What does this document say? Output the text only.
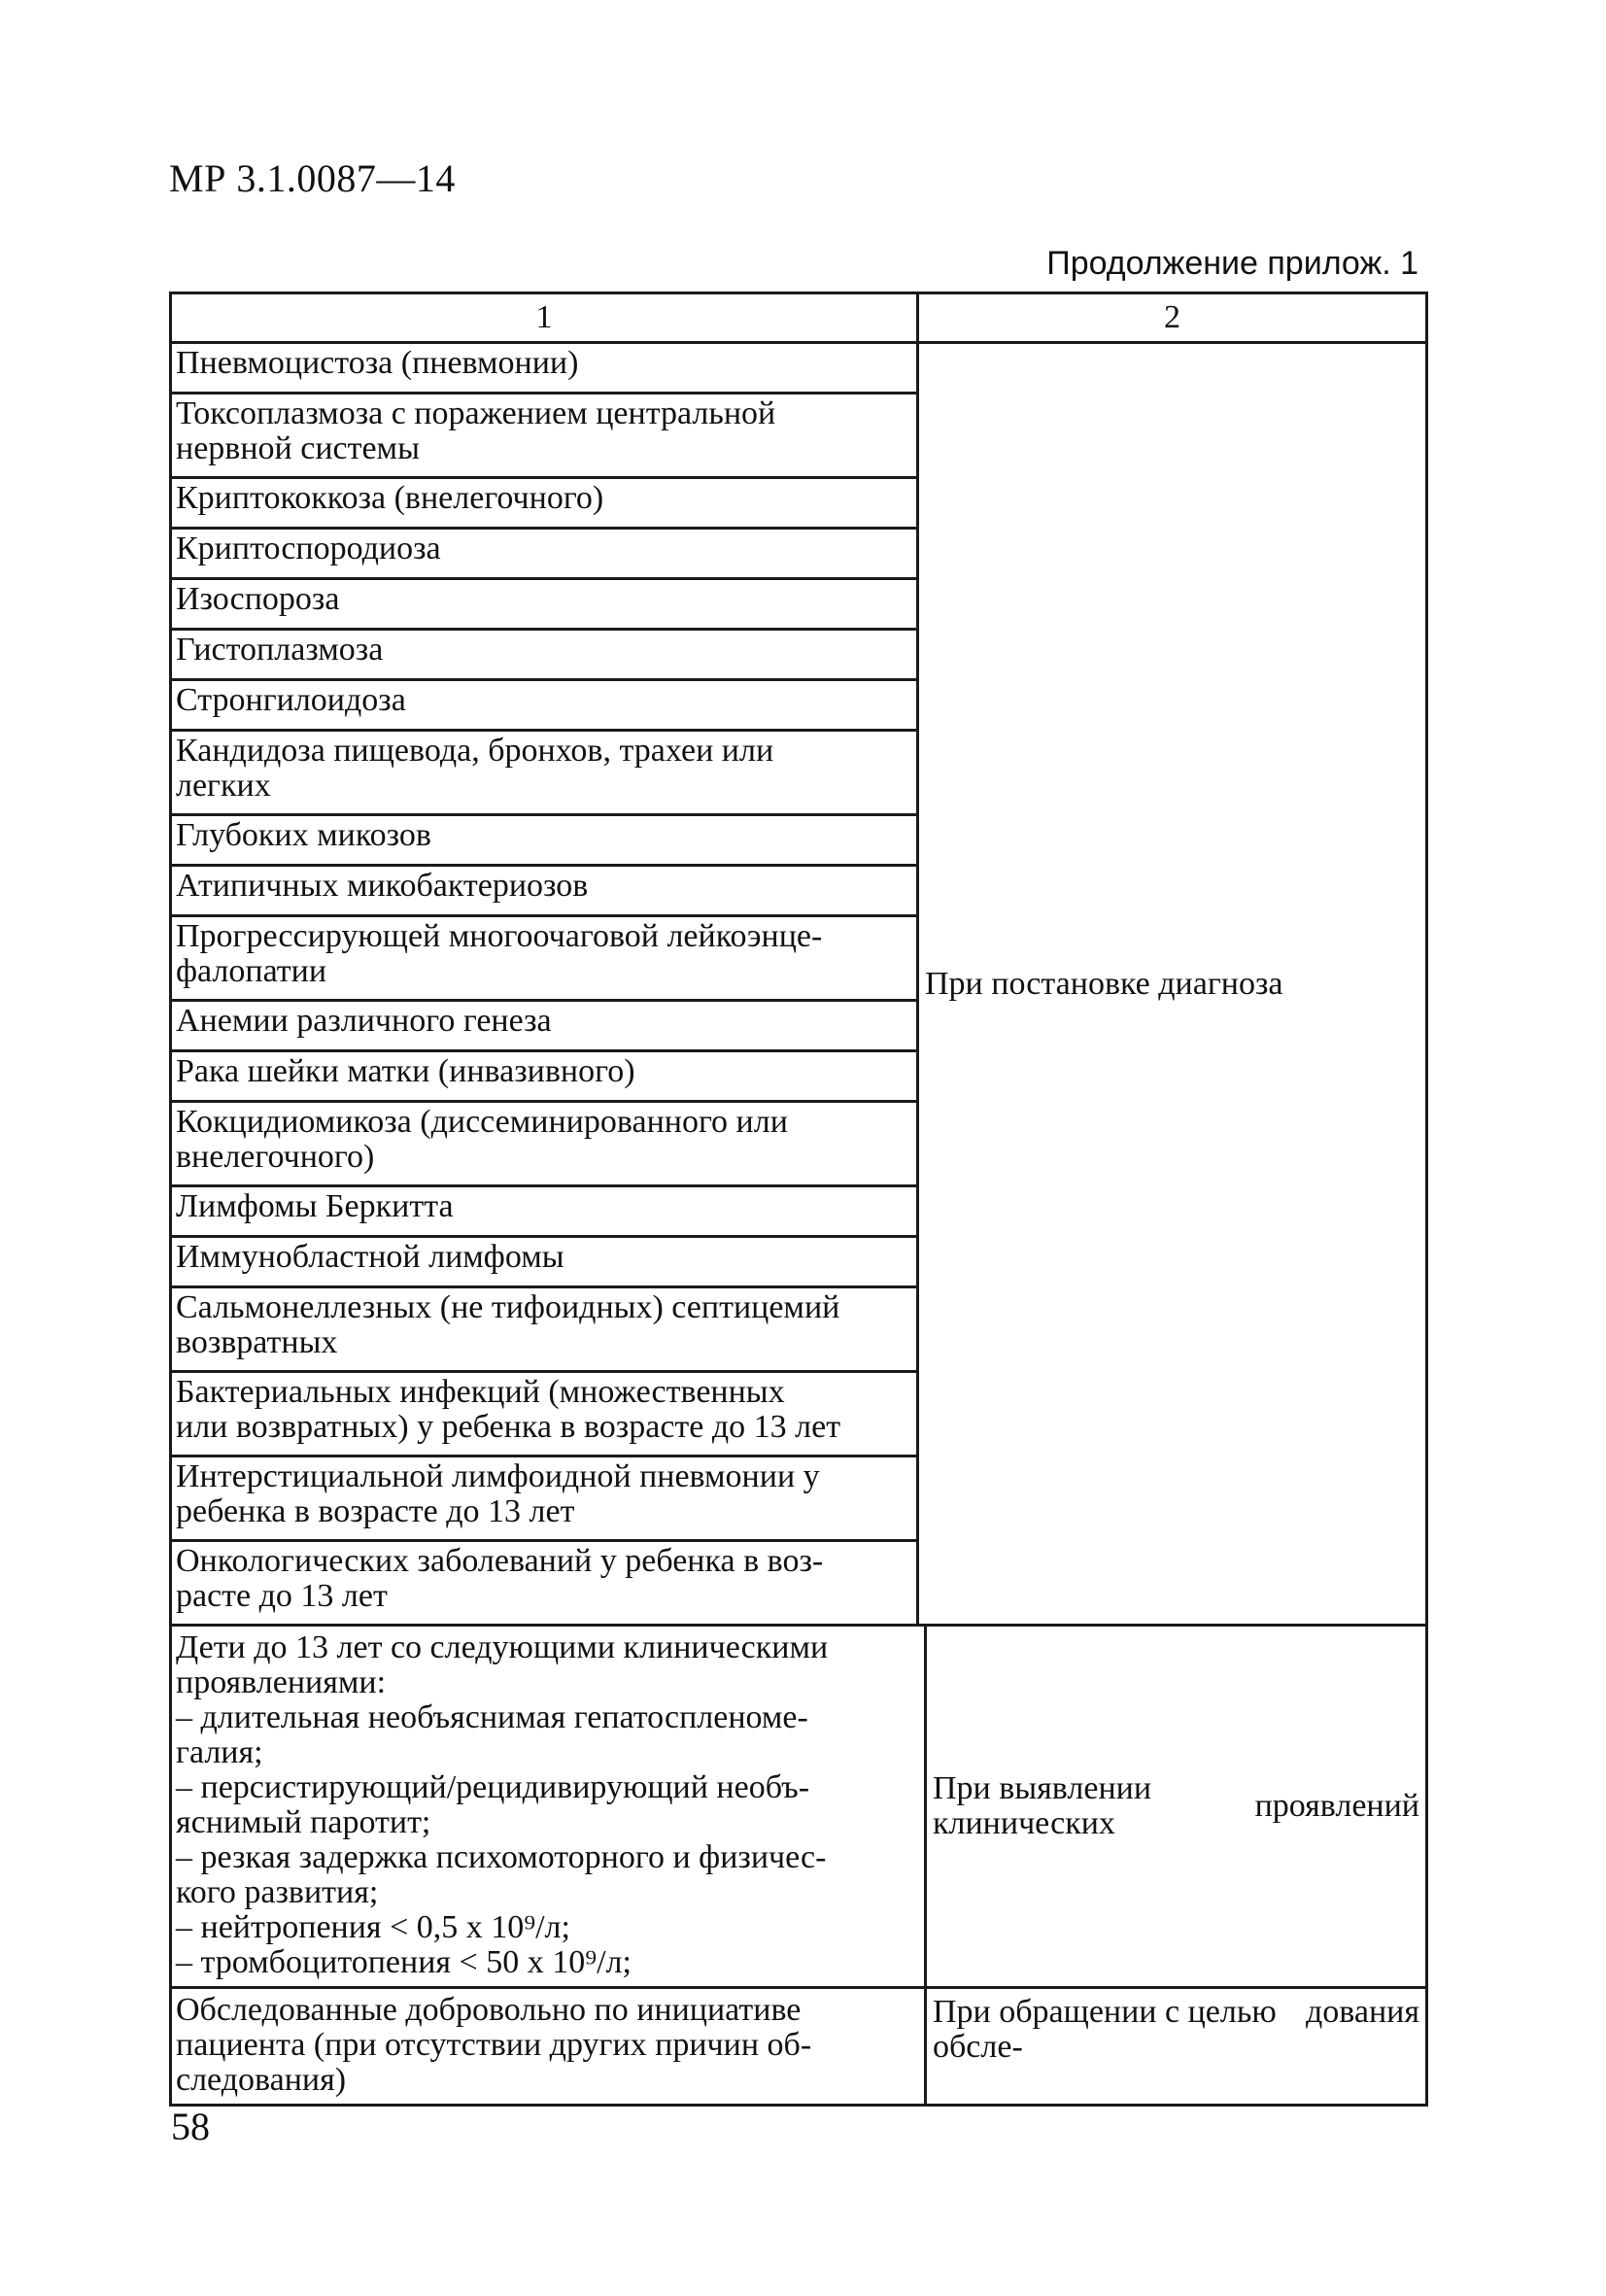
МР 3.1.0087—14
Продолжение прилож. 1
1	2
Пневмоцистоза (пневмонии)
Токсоплазмоза с поражением центральной
нервной системы
Криптококкоза (внелегочного)
Криптоспородиоза
Изоспороза
Гистоплазмоза
Стронгилоидоза
Кандидоза пищевода, бронхов, трахеи или
легких
Глубоких микозов
Атипичных микобактериозов
Прогрессирующей многоочаговой лейкоэнце-
фалопатии
Анемии различного генеза
Рака шейки матки (инвазивного)
Кокцидиомикоза (диссеминированного или
внелегочного)
Лимфомы Беркитта
Иммунобластной лимфомы
Сальмонеллезных (не тифоидных) септицемий
возвратных
Бактериальных инфекций (множественных
или возвратных) у ребенка в возрасте до 13 лет
Интерстициальной лимфоидной пневмонии у
ребенка в возрасте до 13 лет
Онкологических заболеваний у ребенка в воз-
расте до 13 лет
При постановке диагноза
Дети до 13 лет со следующими клиническими
проявлениями:
– длительная необъяснимая гепатоспленоме-
галия;
– персистирующий/рецидивирующий необъ-
яснимый паротит;
– резкая задержка психомоторного и физичес-
кого развития;
– нейтропения < 0,5 х 10⁹/л;
– тромбоцитопения < 50 х 10⁹/л;
При выявлении клинических	проявлений
Обследованные добровольно по инициативе
пациента (при отсутствии других причин об-
следования)
При обращении с целью обсле-
дования
58
